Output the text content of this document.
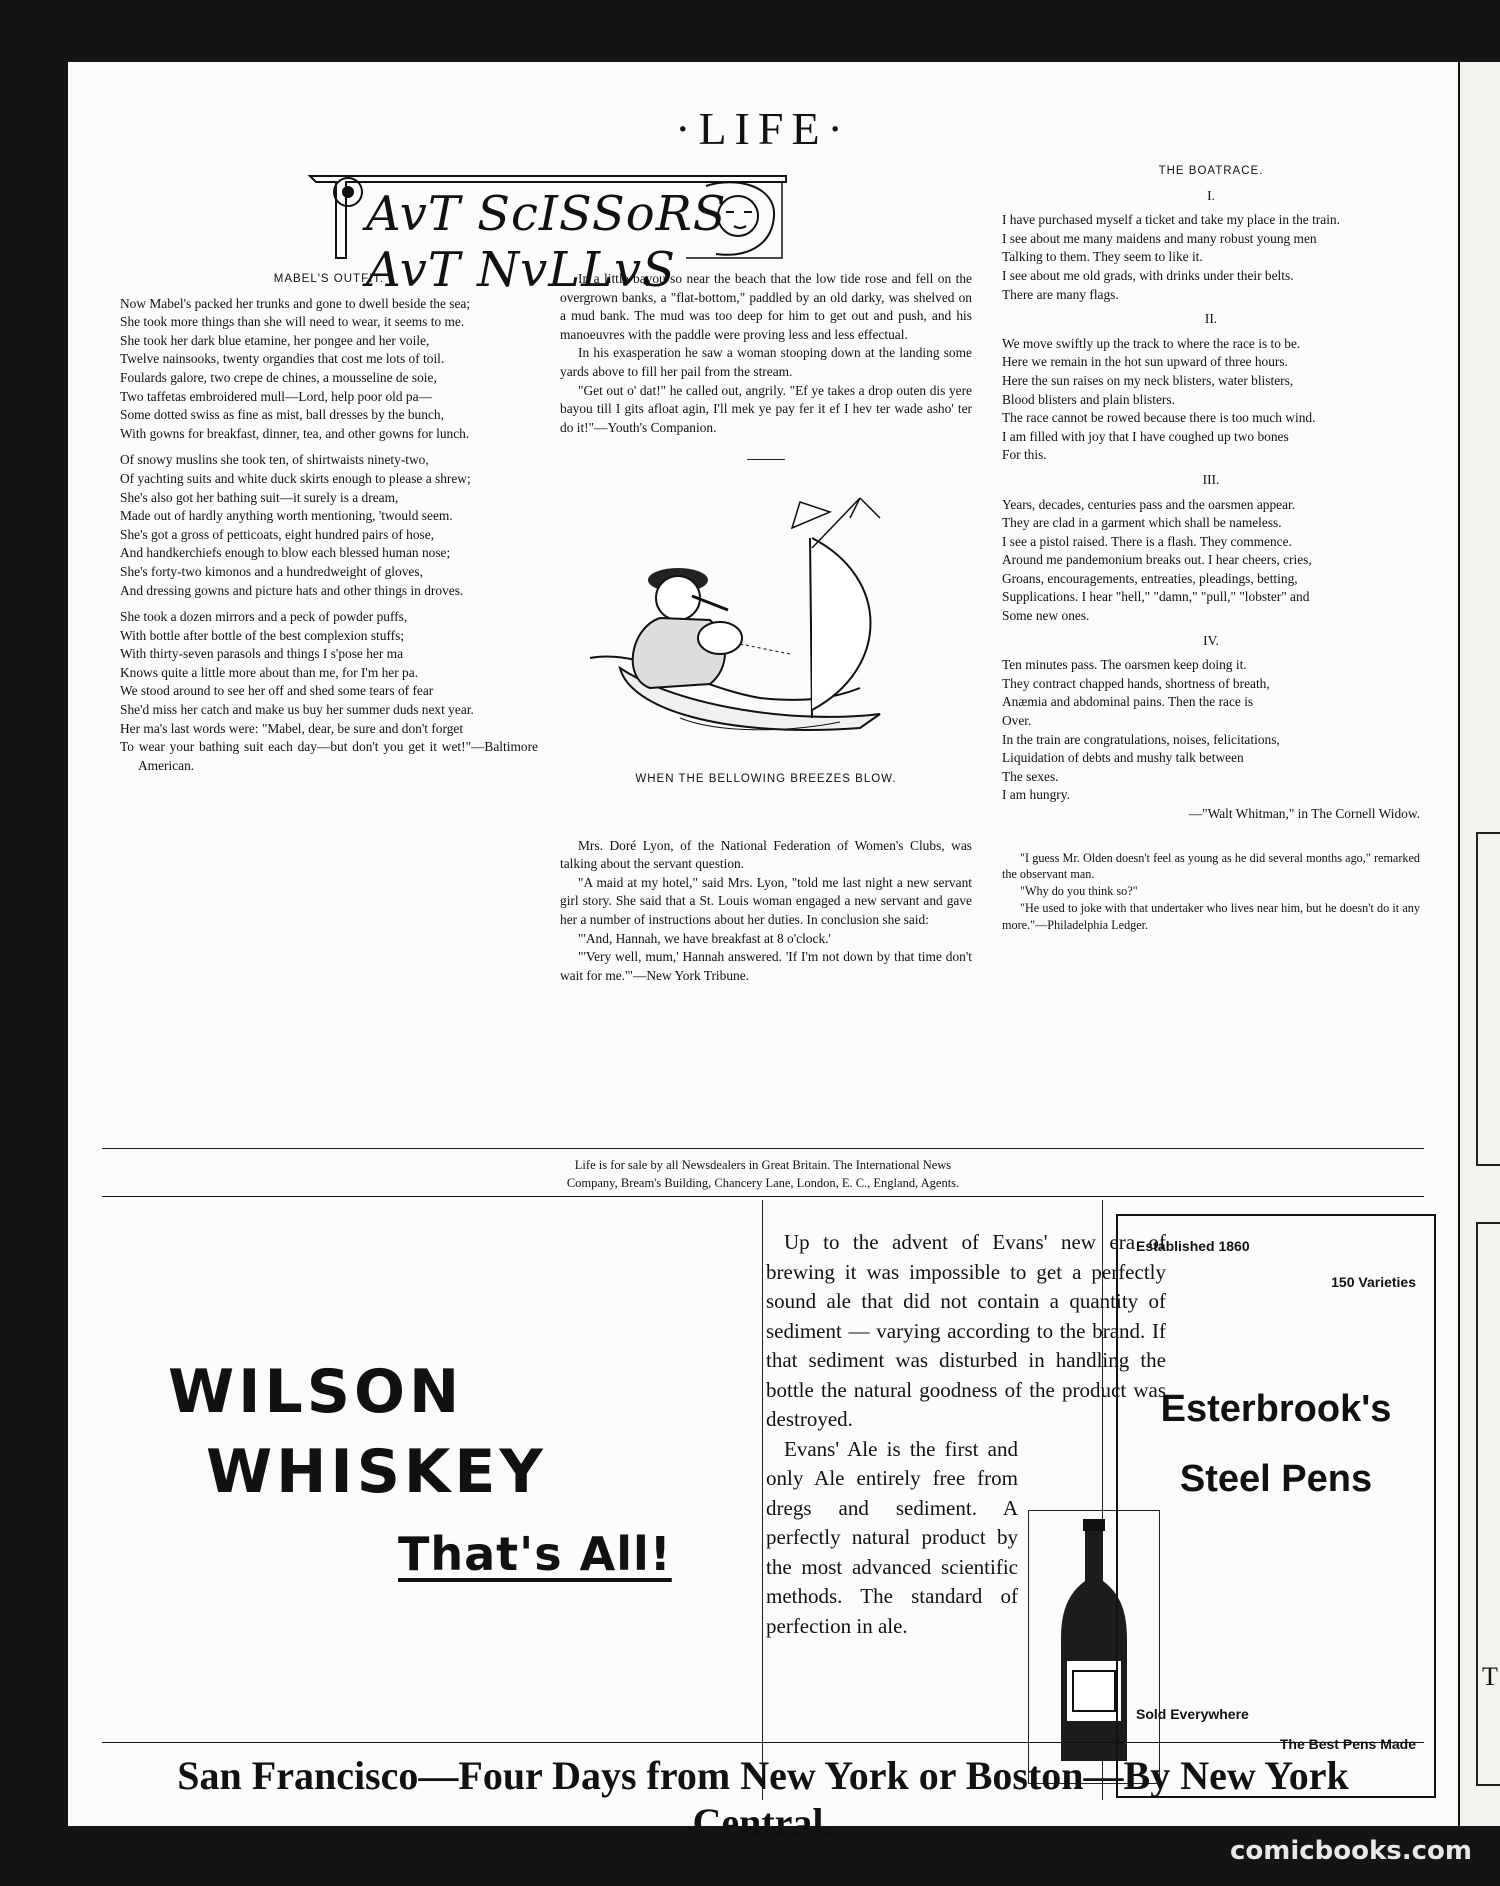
·LIFE·
AvT ScISSoRS AvT NvLLvS
MABEL'S OUTFIT.

Now Mabel's packed her trunks and gone to dwell beside the sea;

She took more things than she will need to wear, it seems to me.

She took her dark blue etamine, her pongee and her voile,

Twelve nainsooks, twenty organdies that cost me lots of toil.

Foulards galore, two crepe de chines, a mousseline de soie,

Two taffetas embroidered mull—Lord, help poor old pa—

Some dotted swiss as fine as mist, ball dresses by the bunch,

With gowns for breakfast, dinner, tea, and other gowns for lunch.

Of snowy muslins she took ten, of shirtwaists ninety-two,

Of yachting suits and white duck skirts enough to please a shrew;

She's also got her bathing suit—it surely is a dream,

Made out of hardly anything worth mentioning, 'twould seem.

She's got a gross of petticoats, eight hundred pairs of hose,

And handkerchiefs enough to blow each blessed human nose;

She's forty-two kimonos and a hundredweight of gloves,

And dressing gowns and picture hats and other things in droves.

She took a dozen mirrors and a peck of powder puffs,

With bottle after bottle of the best complexion stuffs;

With thirty-seven parasols and things I s'pose her ma

Knows quite a little more about than me, for I'm her pa.

We stood around to see her off and shed some tears of fear

She'd miss her catch and make us buy her summer duds next year.

Her ma's last words were: "Mabel, dear, be sure and don't forget

To wear your bathing suit each day—but don't you get it wet!"—Baltimore American.

In a little bayou so near the beach that the low tide rose and fell on the overgrown banks, a "flat-bottom," paddled by an old darky, was shelved on a mud bank. The mud was too deep for him to get out and push, and his manoeuvres with the paddle were proving less and less effectual.

In his exasperation he saw a woman stooping down at the landing some yards above to fill her pail from the stream.

"Get out o' dat!" he called out, angrily. "Ef ye takes a drop outen dis yere bayou till I gits afloat agin, I'll mek ye pay fer it ef I hev ter wade asho' ter do it!"—Youth's Companion.

WHEN THE BELLOWING BREEZES BLOW.

Mrs. Doré Lyon, of the National Federation of Women's Clubs, was talking about the servant question.

"A maid at my hotel," said Mrs. Lyon, "told me last night a new servant girl story. She said that a St. Louis woman engaged a new servant and gave her a number of instructions about her duties. In conclusion she said:

"'And, Hannah, we have breakfast at 8 o'clock.'

"'Very well, mum,' Hannah answered. 'If I'm not down by that time don't wait for me.'"—New York Tribune.

THE BOATRACE.
I.

I have purchased myself a ticket and take my place in the train.

I see about me many maidens and many robust young men

Talking to them. They seem to like it.

I see about me old grads, with drinks under their belts.

There are many flags.

II.

We move swiftly up the track to where the race is to be.

Here we remain in the hot sun upward of three hours.

Here the sun raises on my neck blisters, water blisters,

Blood blisters and plain blisters.

The race cannot be rowed because there is too much wind.

I am filled with joy that I have coughed up two bones

For this.

III.

Years, decades, centuries pass and the oarsmen appear.

They are clad in a garment which shall be nameless.

I see a pistol raised. There is a flash. They commence.

Around me pandemonium breaks out. I hear cheers, cries,

Groans, encouragements, entreaties, pleadings, betting,

Supplications. I hear "hell," "damn," "pull," "lobster" and

Some new ones.

IV.

Ten minutes pass. The oarsmen keep doing it.

They contract chapped hands, shortness of breath,

Anæmia and abdominal pains. Then the race is

Over.

In the train are congratulations, noises, felicitations,

Liquidation of debts and mushy talk between

The sexes.

I am hungry.

—"Walt Whitman," in The Cornell Widow.

"I guess Mr. Olden doesn't feel as young as he did several months ago," remarked the observant man.

"Why do you think so?"

"He used to joke with that undertaker who lives near him, but he doesn't do it any more."—Philadelphia Ledger.

Life is for sale by all Newsdealers in Great Britain. The International News
Company, Bream's Building, Chancery Lane, London, E. C., England, Agents.
WILSON
WHISKEY
That's All!

Up to the advent of Evans' new era of brewing it was impossible to get a perfectly sound ale that did not contain a quantity of sediment — varying according to the brand. If that sediment was disturbed in handling the bottle the natural goodness of the product was destroyed.

Evans' Ale is the first and only Ale entirely free from dregs and sediment. A perfectly natural product by the most advanced scientific methods. The standard of perfection in ale.

Established 1860
150 Varieties
Esterbrook's
Steel Pens
Sold Everywhere
The Best Pens Made
San Francisco—Four Days from New York or Boston—By New York Central.
T
comicbooks.com
